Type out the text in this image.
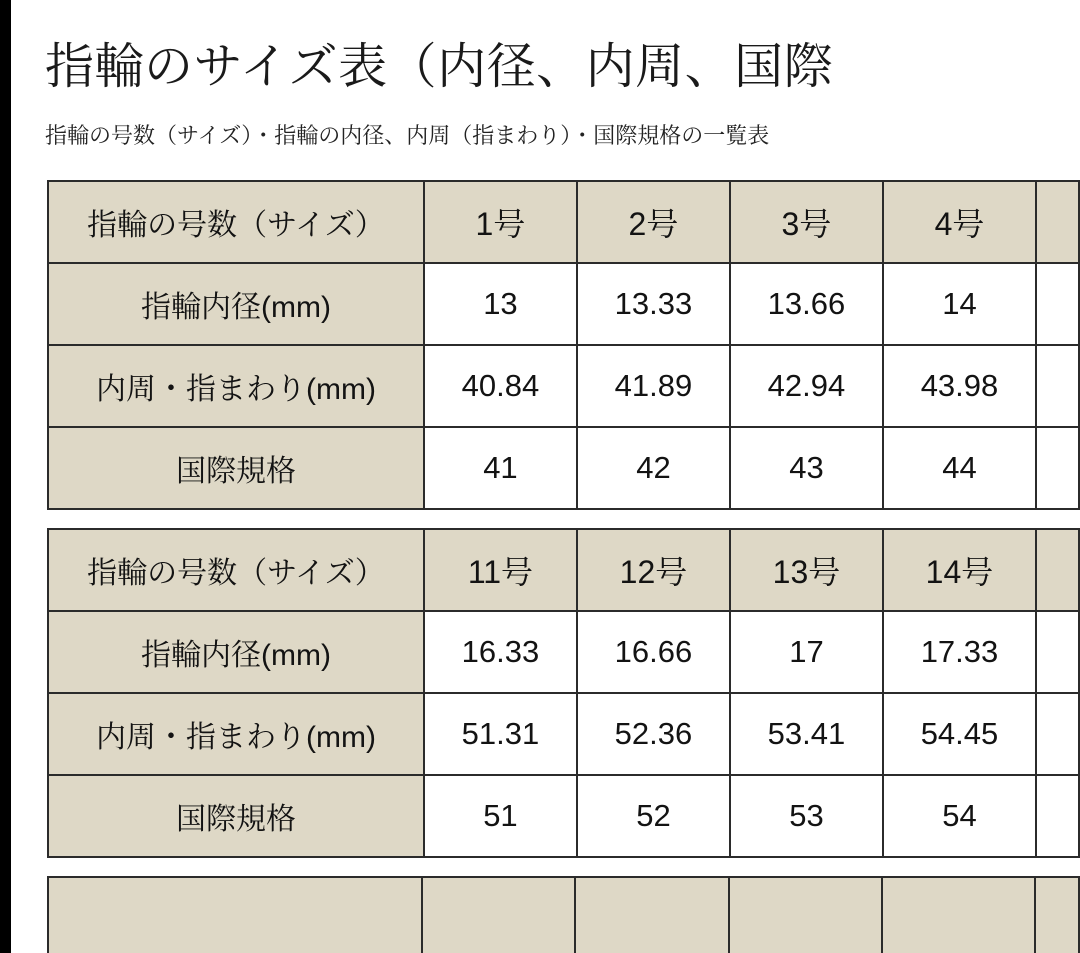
指輪のサイズ表（内径、内周、国際

指輪の号数（サイズ）・指輪の内径、内周（指まわり）・国際規格の一覧表

指輪の号数（サイズ）	1号	2号	3号	4号	
指輪内径(mm)	13	13.33	13.66	14	
内周・指まわり(mm)	40.84	41.89	42.94	43.98	
国際規格	41	42	43	44	
指輪の号数（サイズ）	11号	12号	13号	14号	
指輪内径(mm)	16.33	16.66	17	17.33	
内周・指まわり(mm)	51.31	52.36	53.41	54.45	
国際規格	51	52	53	54	
